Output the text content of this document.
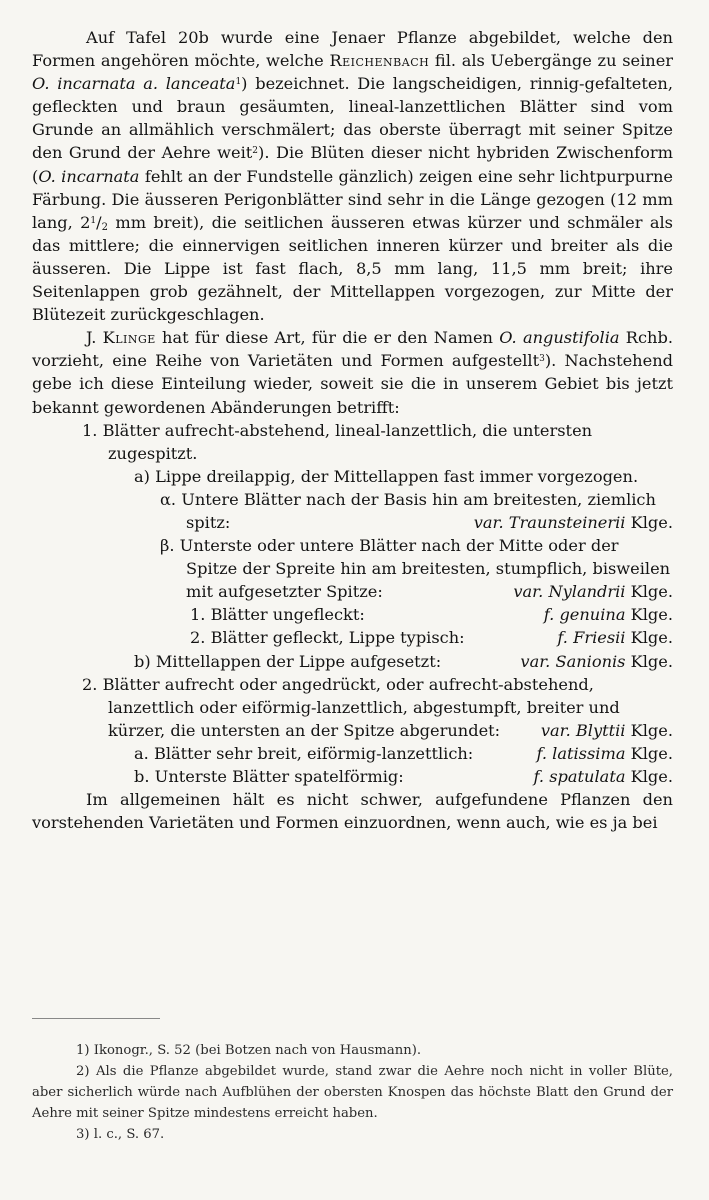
Auf Tafel 20b wurde eine Jenaer Pflanze abgebildet, welche den Formen angehören möchte, welche Reichenbach fil. als Uebergänge zu seiner O. incarnata a. lanceata$^1$) bezeichnet. Die langscheidigen, rinnig-gefalteten, gefleckten und braun gesäumten, lineal-lanzettlichen Blätter sind vom Grunde an allmählich verschmälert; das oberste überragt mit seiner Spitze den Grund der Aehre weit$^2$). Die Blüten dieser nicht hybriden Zwischenform (O. incarnata fehlt an der Fundstelle gänzlich) zeigen eine sehr lichtpurpurne Färbung. Die äusseren Perigonblätter sind sehr in die Länge gezogen (12 mm lang, $2^1/_2$ mm breit), die seitlichen äusseren etwas kürzer und schmäler als das mittlere; die einnervigen seitlichen inneren kürzer und breiter als die äusseren. Die Lippe ist fast flach, 8,5 mm lang, 11,5 mm breit; ihre Seitenlappen grob gezähnelt, der Mittellappen vorgezogen, zur Mitte der Blütezeit zurückgeschlagen.

J. Klinge hat für diese Art, für die er den Namen O. angustifolia Rchb. vorzieht, eine Reihe von Varietäten und Formen aufgestellt$^3$). Nachstehend gebe ich diese Einteilung wieder, soweit sie die in unserem Gebiet bis jetzt bekannt gewordenen Abänderungen betrifft:

1. Blätter aufrecht-abstehend, lineal-lanzettlich, die untersten zugespitzt.

a) Lippe dreilappig, der Mittellappen fast immer vorgezogen.

α. Untere Blätter nach der Basis hin am breitesten, ziemlich spitz:	var. Traunsteinerii Klge.

β. Unterste oder untere Blätter nach der Mitte oder der Spitze der Spreite hin am breitesten, stumpflich, bisweilen mit aufgesetzter Spitze:	var. Nylandrii Klge.

1. Blätter ungefleckt:	f. genuina Klge.

2. Blätter gefleckt, Lippe typisch:	f. Friesii Klge.

b) Mittellappen der Lippe aufgesetzt:	var. Sanionis Klge.

2. Blätter aufrecht oder angedrückt, oder aufrecht-abstehend, lanzettlich oder eiförmig-lanzettlich, abgestumpft, breiter und kürzer, die untersten an der Spitze abgerundet:	var. Blyttii Klge.

a. Blätter sehr breit, eiförmig-lanzettlich:	f. latissima Klge.

b. Unterste Blätter spatelförmig:	f. spatulata Klge.

Im allgemeinen hält es nicht schwer, aufgefundene Pflanzen den vorstehenden Varietäten und Formen einzuordnen, wenn auch, wie es ja bei

1) Ikonogr., S. 52 (bei Botzen nach von Hausmann).

2) Als die Pflanze abgebildet wurde, stand zwar die Aehre noch nicht in voller Blüte, aber sicherlich würde nach Aufblühen der obersten Knospen das höchste Blatt den Grund der Aehre mit seiner Spitze mindestens erreicht haben.

3) l. c., S. 67.
